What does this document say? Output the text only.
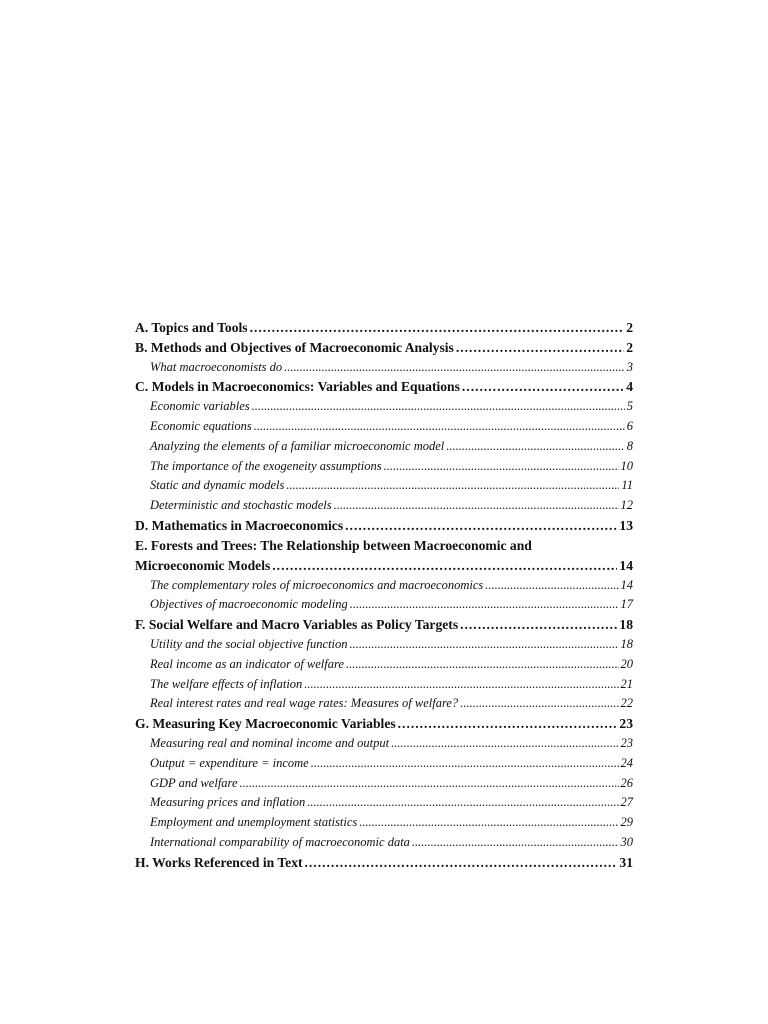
A. Topics and Tools .....	2
B. Methods and Objectives of Macroeconomic Analysis .....	2
What macroeconomists do .....	3
C. Models in Macroeconomics: Variables and Equations .....	4
Economic variables .....	5
Economic equations .....	6
Analyzing the elements of a familiar microeconomic model .....	8
The importance of the exogeneity assumptions .....	10
Static and dynamic models .....	11
Deterministic and stochastic models .....	12
D. Mathematics in Macroeconomics .....	13
E. Forests and Trees: The Relationship between Macroeconomic and
Microeconomic Models .....	14
The complementary roles of microeconomics and macroeconomics .....	14
Objectives of macroeconomic modeling .....	17
F. Social Welfare and Macro Variables as Policy Targets .....	18
Utility and the social objective function .....	18
Real income as an indicator of welfare .....	20
The welfare effects of inflation .....	21
Real interest rates and real wage rates: Measures of welfare? .....	22
G. Measuring Key Macroeconomic Variables .....	23
Measuring real and nominal income and output .....	23
Output = expenditure = income .....	24
GDP and welfare .....	26
Measuring prices and inflation .....	27
Employment and unemployment statistics .....	29
International comparability of macroeconomic data .....	30
H. Works Referenced in Text .....	31
